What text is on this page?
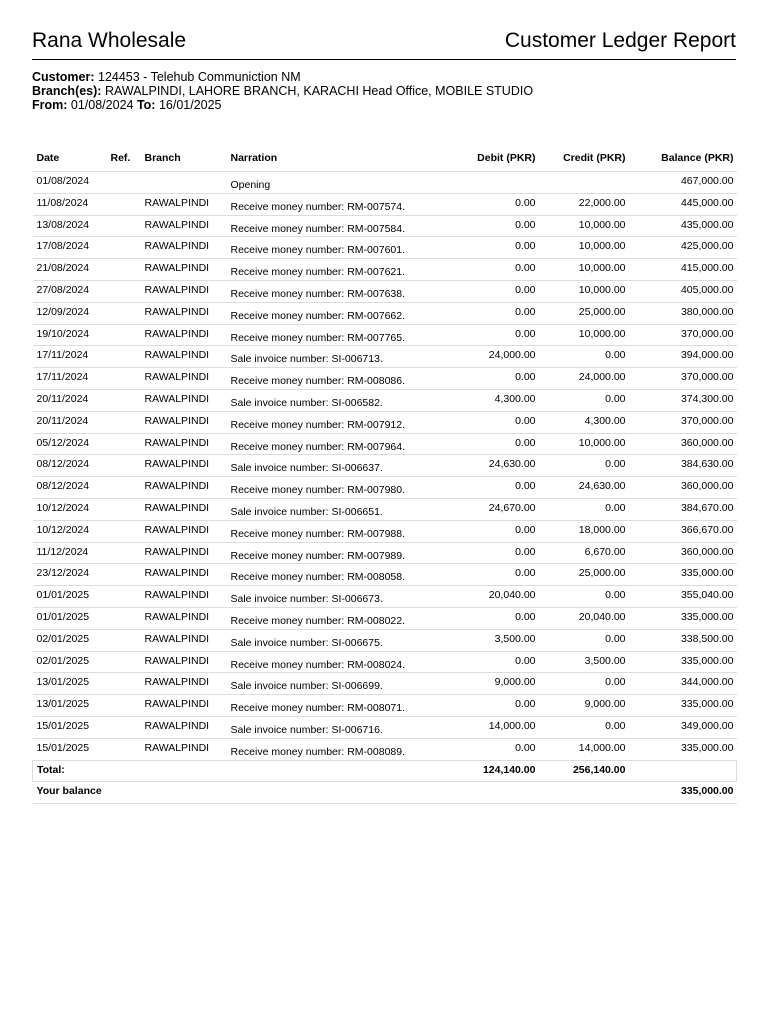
Rana Wholesale	Customer Ledger Report
Customer: 124453 - Telehub Communiction NM
Branch(es): RAWALPINDI, LAHORE BRANCH, KARACHI Head Office, MOBILE STUDIO
From: 01/08/2024 To: 16/01/2025
Date	Ref.	Branch	Narration	Debit (PKR)	Credit (PKR)	Balance (PKR)
01/08/2024			Opening			467,000.00
11/08/2024		RAWALPINDI	Receive money number: RM-007574.	0.00	22,000.00	445,000.00
13/08/2024		RAWALPINDI	Receive money number: RM-007584.	0.00	10,000.00	435,000.00
17/08/2024		RAWALPINDI	Receive money number: RM-007601.	0.00	10,000.00	425,000.00
21/08/2024		RAWALPINDI	Receive money number: RM-007621.	0.00	10,000.00	415,000.00
27/08/2024		RAWALPINDI	Receive money number: RM-007638.	0.00	10,000.00	405,000.00
12/09/2024		RAWALPINDI	Receive money number: RM-007662.	0.00	25,000.00	380,000.00
19/10/2024		RAWALPINDI	Receive money number: RM-007765.	0.00	10,000.00	370,000.00
17/11/2024		RAWALPINDI	Sale invoice number: SI-006713.	24,000.00	0.00	394,000.00
17/11/2024		RAWALPINDI	Receive money number: RM-008086.	0.00	24,000.00	370,000.00
20/11/2024		RAWALPINDI	Sale invoice number: SI-006582.	4,300.00	0.00	374,300.00
20/11/2024		RAWALPINDI	Receive money number: RM-007912.	0.00	4,300.00	370,000.00
05/12/2024		RAWALPINDI	Receive money number: RM-007964.	0.00	10,000.00	360,000.00
08/12/2024		RAWALPINDI	Sale invoice number: SI-006637.	24,630.00	0.00	384,630.00
08/12/2024		RAWALPINDI	Receive money number: RM-007980.	0.00	24,630.00	360,000.00
10/12/2024		RAWALPINDI	Sale invoice number: SI-006651.	24,670.00	0.00	384,670.00
10/12/2024		RAWALPINDI	Receive money number: RM-007988.	0.00	18,000.00	366,670.00
11/12/2024		RAWALPINDI	Receive money number: RM-007989.	0.00	6,670.00	360,000.00
23/12/2024		RAWALPINDI	Receive money number: RM-008058.	0.00	25,000.00	335,000.00
01/01/2025		RAWALPINDI	Sale invoice number: SI-006673.	20,040.00	0.00	355,040.00
01/01/2025		RAWALPINDI	Receive money number: RM-008022.	0.00	20,040.00	335,000.00
02/01/2025		RAWALPINDI	Sale invoice number: SI-006675.	3,500.00	0.00	338,500.00
02/01/2025		RAWALPINDI	Receive money number: RM-008024.	0.00	3,500.00	335,000.00
13/01/2025		RAWALPINDI	Sale invoice number: SI-006699.	9,000.00	0.00	344,000.00
13/01/2025		RAWALPINDI	Receive money number: RM-008071.	0.00	9,000.00	335,000.00
15/01/2025		RAWALPINDI	Sale invoice number: SI-006716.	14,000.00	0.00	349,000.00
15/01/2025		RAWALPINDI	Receive money number: RM-008089.	0.00	14,000.00	335,000.00
Total:				124,140.00	256,140.00	
Your balance						335,000.00
